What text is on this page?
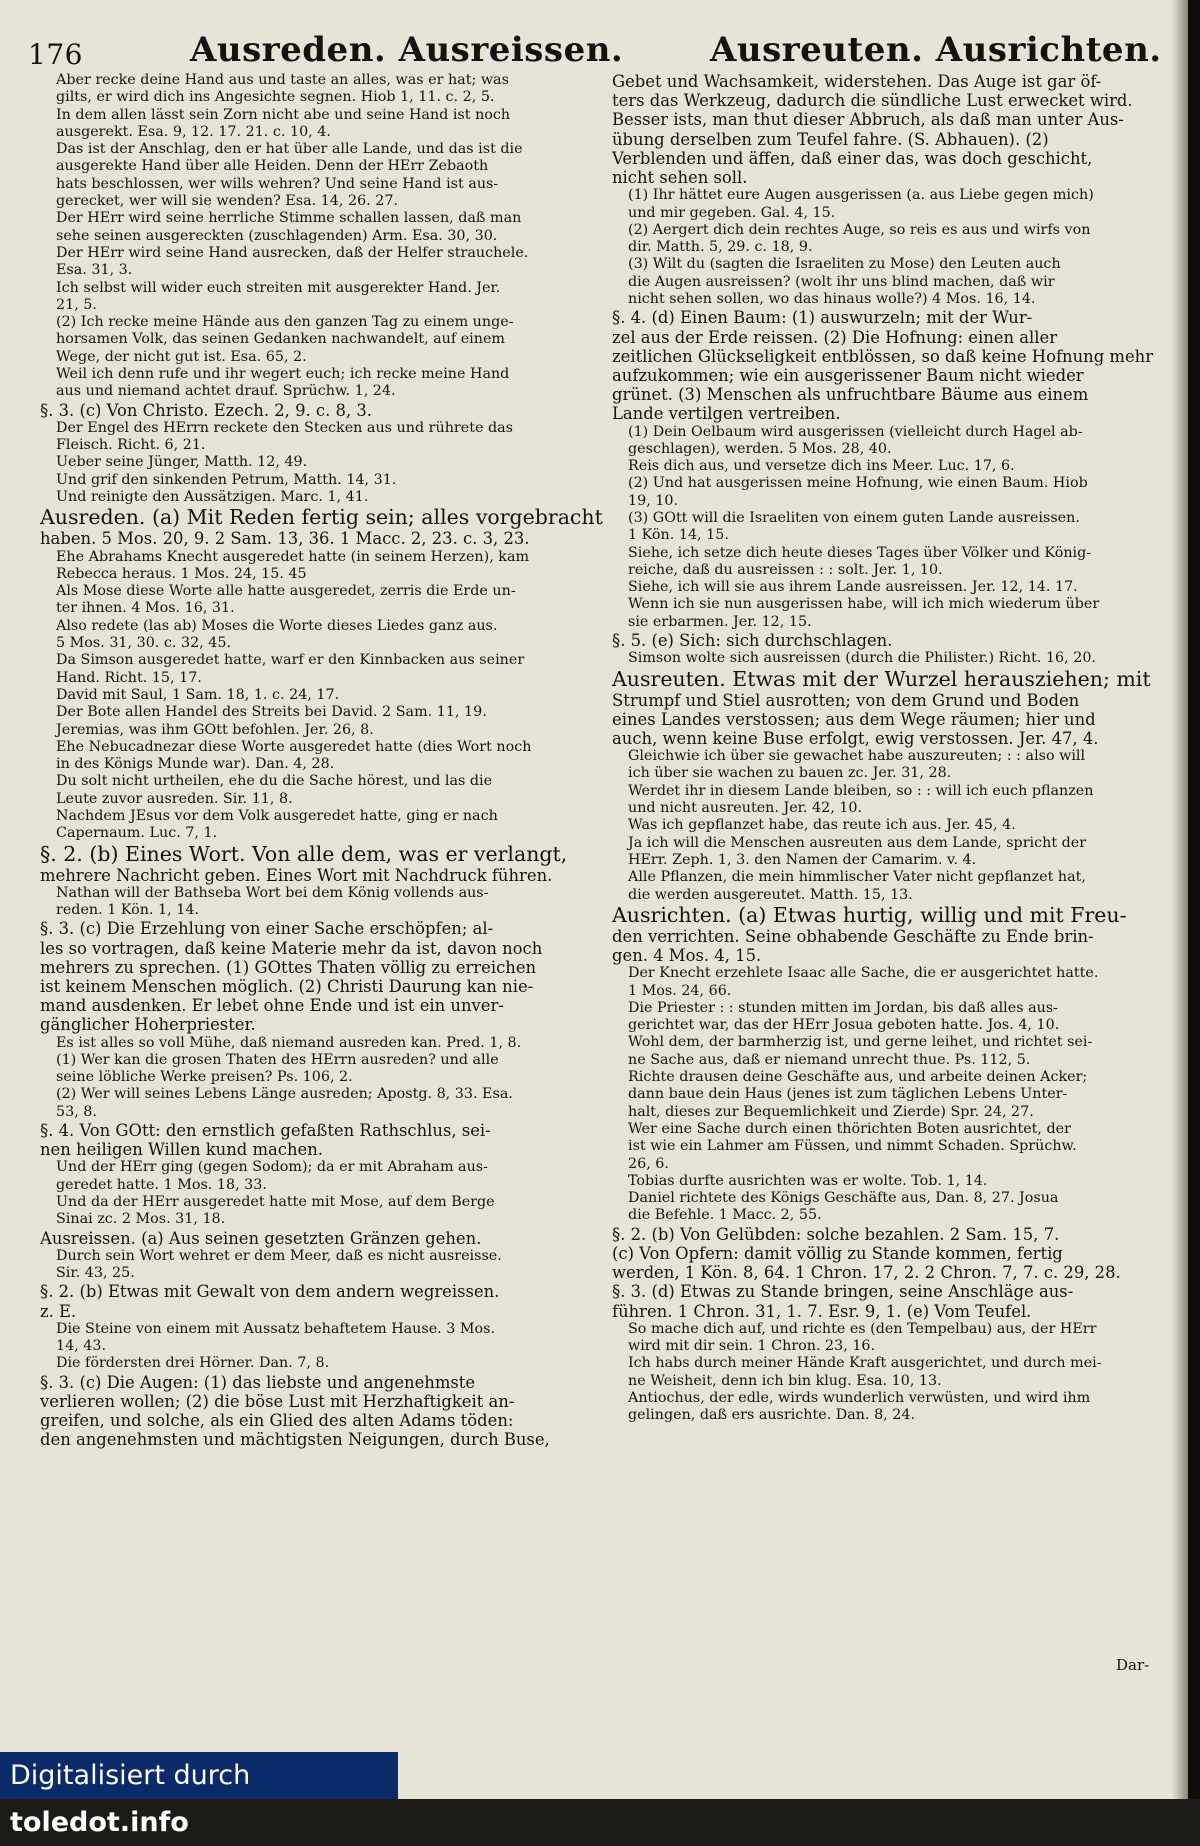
176	Ausreden. Ausreissen.	Ausreuten. Ausrichten.
Aber recke deine Hand aus und taste an alles, was er hat; was
gilts, er wird dich ins Angesichte segnen. Hiob 1, 11. c. 2, 5.
In dem allen lässt sein Zorn nicht abe und seine Hand ist noch
ausgerekt. Esa. 9, 12. 17. 21. c. 10, 4.
Das ist der Anschlag, den er hat über alle Lande, und das ist die
ausgerekte Hand über alle Heiden. Denn der HErr Zebaoth
hats beschlossen, wer wills wehren? Und seine Hand ist aus-
gerecket, wer will sie wenden? Esa. 14, 26. 27.
Der HErr wird seine herrliche Stimme schallen lassen, daß man
sehe seinen ausgereckten (zuschlagenden) Arm. Esa. 30, 30.
Der HErr wird seine Hand ausrecken, daß der Helfer strauchele.
Esa. 31, 3.
Ich selbst will wider euch streiten mit ausgerekter Hand. Jer.
21, 5.
(2) Ich recke meine Hände aus den ganzen Tag zu einem unge-
horsamen Volk, das seinen Gedanken nachwandelt, auf einem
Wege, der nicht gut ist. Esa. 65, 2.
Weil ich denn rufe und ihr wegert euch; ich recke meine Hand
aus und niemand achtet drauf. Sprüchw. 1, 24.
§. 3. (c) Von Christo. Ezech. 2, 9. c. 8, 3.
Der Engel des HErrn reckete den Stecken aus und rührete das
Fleisch. Richt. 6, 21.
Ueber seine Jünger, Matth. 12, 49.
Und grif den sinkenden Petrum, Matth. 14, 31.
Und reinigte den Aussätzigen. Marc. 1, 41.
Ausreden. (a) Mit Reden fertig sein; alles vorgebracht
haben. 5 Mos. 20, 9. 2 Sam. 13, 36. 1 Macc. 2, 23. c. 3, 23.
Ehe Abrahams Knecht ausgeredet hatte (in seinem Herzen), kam
Rebecca heraus. 1 Mos. 24, 15. 45
Als Mose diese Worte alle hatte ausgeredet, zerris die Erde un-
ter ihnen. 4 Mos. 16, 31.
Also redete (las ab) Moses die Worte dieses Liedes ganz aus.
5 Mos. 31, 30. c. 32, 45.
Da Simson ausgeredet hatte, warf er den Kinnbacken aus seiner
Hand. Richt. 15, 17.
David mit Saul, 1 Sam. 18, 1. c. 24, 17.
Der Bote allen Handel des Streits bei David. 2 Sam. 11, 19.
Jeremias, was ihm GOtt befohlen. Jer. 26, 8.
Ehe Nebucadnezar diese Worte ausgeredet hatte (dies Wort noch
in des Königs Munde war). Dan. 4, 28.
Du solt nicht urtheilen, ehe du die Sache hörest, und las die
Leute zuvor ausreden. Sir. 11, 8.
Nachdem JEsus vor dem Volk ausgeredet hatte, ging er nach
Capernaum. Luc. 7, 1.
§. 2. (b) Eines Wort. Von alle dem, was er verlangt,
mehrere Nachricht geben. Eines Wort mit Nachdruck führen.
Nathan will der Bathseba Wort bei dem König vollends aus-
reden. 1 Kön. 1, 14.
§. 3. (c) Die Erzehlung von einer Sache erschöpfen; al-
les so vortragen, daß keine Materie mehr da ist, davon noch
mehrers zu sprechen. (1) GOttes Thaten völlig zu erreichen
ist keinem Menschen möglich. (2) Christi Daurung kan nie-
mand ausdenken. Er lebet ohne Ende und ist ein unver-
gänglicher Hoherpriester.
Es ist alles so voll Mühe, daß niemand ausreden kan. Pred. 1, 8.
(1) Wer kan die grosen Thaten des HErrn ausreden? und alle
seine löbliche Werke preisen? Ps. 106, 2.
(2) Wer will seines Lebens Länge ausreden; Apostg. 8, 33. Esa.
53, 8.
§. 4. Von GOtt: den ernstlich gefaßten Rathschlus, sei-
nen heiligen Willen kund machen.
Und der HErr ging (gegen Sodom); da er mit Abraham aus-
geredet hatte. 1 Mos. 18, 33.
Und da der HErr ausgeredet hatte mit Mose, auf dem Berge
Sinai zc. 2 Mos. 31, 18.
Ausreissen. (a) Aus seinen gesetzten Gränzen gehen.
Durch sein Wort wehret er dem Meer, daß es nicht ausreisse.
Sir. 43, 25.
§. 2. (b) Etwas mit Gewalt von dem andern wegreissen.
z. E.
Die Steine von einem mit Aussatz behaftetem Hause. 3 Mos.
14, 43.
Die fördersten drei Hörner. Dan. 7, 8.
§. 3. (c) Die Augen: (1) das liebste und angenehmste
verlieren wollen; (2) die böse Lust mit Herzhaftigkeit an-
greifen, und solche, als ein Glied des alten Adams töden:
den angenehmsten und mächtigsten Neigungen, durch Buse,
Gebet und Wachsamkeit, widerstehen. Das Auge ist gar öf-
ters das Werkzeug, dadurch die sündliche Lust erwecket wird.
Besser ists, man thut dieser Abbruch, als daß man unter Aus-
übung derselben zum Teufel fahre. (S. Abhauen). (2)
Verblenden und äffen, daß einer das, was doch geschicht,
nicht sehen soll.
(1) Ihr hättet eure Augen ausgerissen (a. aus Liebe gegen mich)
und mir gegeben. Gal. 4, 15.
(2) Aergert dich dein rechtes Auge, so reis es aus und wirfs von
dir. Matth. 5, 29. c. 18, 9.
(3) Wilt du (sagten die Israeliten zu Mose) den Leuten auch
die Augen ausreissen? (wolt ihr uns blind machen, daß wir
nicht sehen sollen, wo das hinaus wolle?) 4 Mos. 16, 14.
§. 4. (d) Einen Baum: (1) auswurzeln; mit der Wur-
zel aus der Erde reissen. (2) Die Hofnung: einen aller
zeitlichen Glückseligkeit entblössen, so daß keine Hofnung mehr
aufzukommen; wie ein ausgerissener Baum nicht wieder
grünet. (3) Menschen als unfruchtbare Bäume aus einem
Lande vertilgen vertreiben.
(1) Dein Oelbaum wird ausgerissen (vielleicht durch Hagel ab-
geschlagen), werden. 5 Mos. 28, 40.
Reis dich aus, und versetze dich ins Meer. Luc. 17, 6.
(2) Und hat ausgerissen meine Hofnung, wie einen Baum. Hiob
19, 10.
(3) GOtt will die Israeliten von einem guten Lande ausreissen.
1 Kön. 14, 15.
Siehe, ich setze dich heute dieses Tages über Völker und König-
reiche, daß du ausreissen : : solt. Jer. 1, 10.
Siehe, ich will sie aus ihrem Lande ausreissen. Jer. 12, 14. 17.
Wenn ich sie nun ausgerissen habe, will ich mich wiederum über
sie erbarmen. Jer. 12, 15.
§. 5. (e) Sich: sich durchschlagen.
Simson wolte sich ausreissen (durch die Philister.) Richt. 16, 20.
Ausreuten. Etwas mit der Wurzel herausziehen; mit
Strumpf und Stiel ausrotten; von dem Grund und Boden
eines Landes verstossen; aus dem Wege räumen; hier und
auch, wenn keine Buse erfolgt, ewig verstossen. Jer. 47, 4.
Gleichwie ich über sie gewachet habe auszureuten; : : also will
ich über sie wachen zu bauen zc. Jer. 31, 28.
Werdet ihr in diesem Lande bleiben, so : : will ich euch pflanzen
und nicht ausreuten. Jer. 42, 10.
Was ich gepflanzet habe, das reute ich aus. Jer. 45, 4.
Ja ich will die Menschen ausreuten aus dem Lande, spricht der
HErr. Zeph. 1, 3. den Namen der Camarim. v. 4.
Alle Pflanzen, die mein himmlischer Vater nicht gepflanzet hat,
die werden ausgereutet. Matth. 15, 13.
Ausrichten. (a) Etwas hurtig, willig und mit Freu-
den verrichten. Seine obhabende Geschäfte zu Ende brin-
gen. 4 Mos. 4, 15.
Der Knecht erzehlete Isaac alle Sache, die er ausgerichtet hatte.
1 Mos. 24, 66.
Die Priester : : stunden mitten im Jordan, bis daß alles aus-
gerichtet war, das der HErr Josua geboten hatte. Jos. 4, 10.
Wohl dem, der barmherzig ist, und gerne leihet, und richtet sei-
ne Sache aus, daß er niemand unrecht thue. Ps. 112, 5.
Richte drausen deine Geschäfte aus, und arbeite deinen Acker;
dann baue dein Haus (jenes ist zum täglichen Lebens Unter-
halt, dieses zur Bequemlichkeit und Zierde) Spr. 24, 27.
Wer eine Sache durch einen thörichten Boten ausrichtet, der
ist wie ein Lahmer am Füssen, und nimmt Schaden. Sprüchw.
26, 6.
Tobias durfte ausrichten was er wolte. Tob. 1, 14.
Daniel richtete des Königs Geschäfte aus, Dan. 8, 27. Josua
die Befehle. 1 Macc. 2, 55.
§. 2. (b) Von Gelübden: solche bezahlen. 2 Sam. 15, 7.
(c) Von Opfern: damit völlig zu Stande kommen, fertig
werden, 1 Kön. 8, 64. 1 Chron. 17, 2. 2 Chron. 7, 7. c. 29, 28.
§. 3. (d) Etwas zu Stande bringen, seine Anschläge aus-
führen. 1 Chron. 31, 1. 7. Esr. 9, 1. (e) Vom Teufel.
So mache dich auf, und richte es (den Tempelbau) aus, der HErr
wird mit dir sein. 1 Chron. 23, 16.
Ich habs durch meiner Hände Kraft ausgerichtet, und durch mei-
ne Weisheit, denn ich bin klug. Esa. 10, 13.
Antiochus, der edle, wirds wunderlich verwüsten, und wird ihm
gelingen, daß ers ausrichte. Dan. 8, 24.
Dar-
Digitalisiert durch toledot.info
